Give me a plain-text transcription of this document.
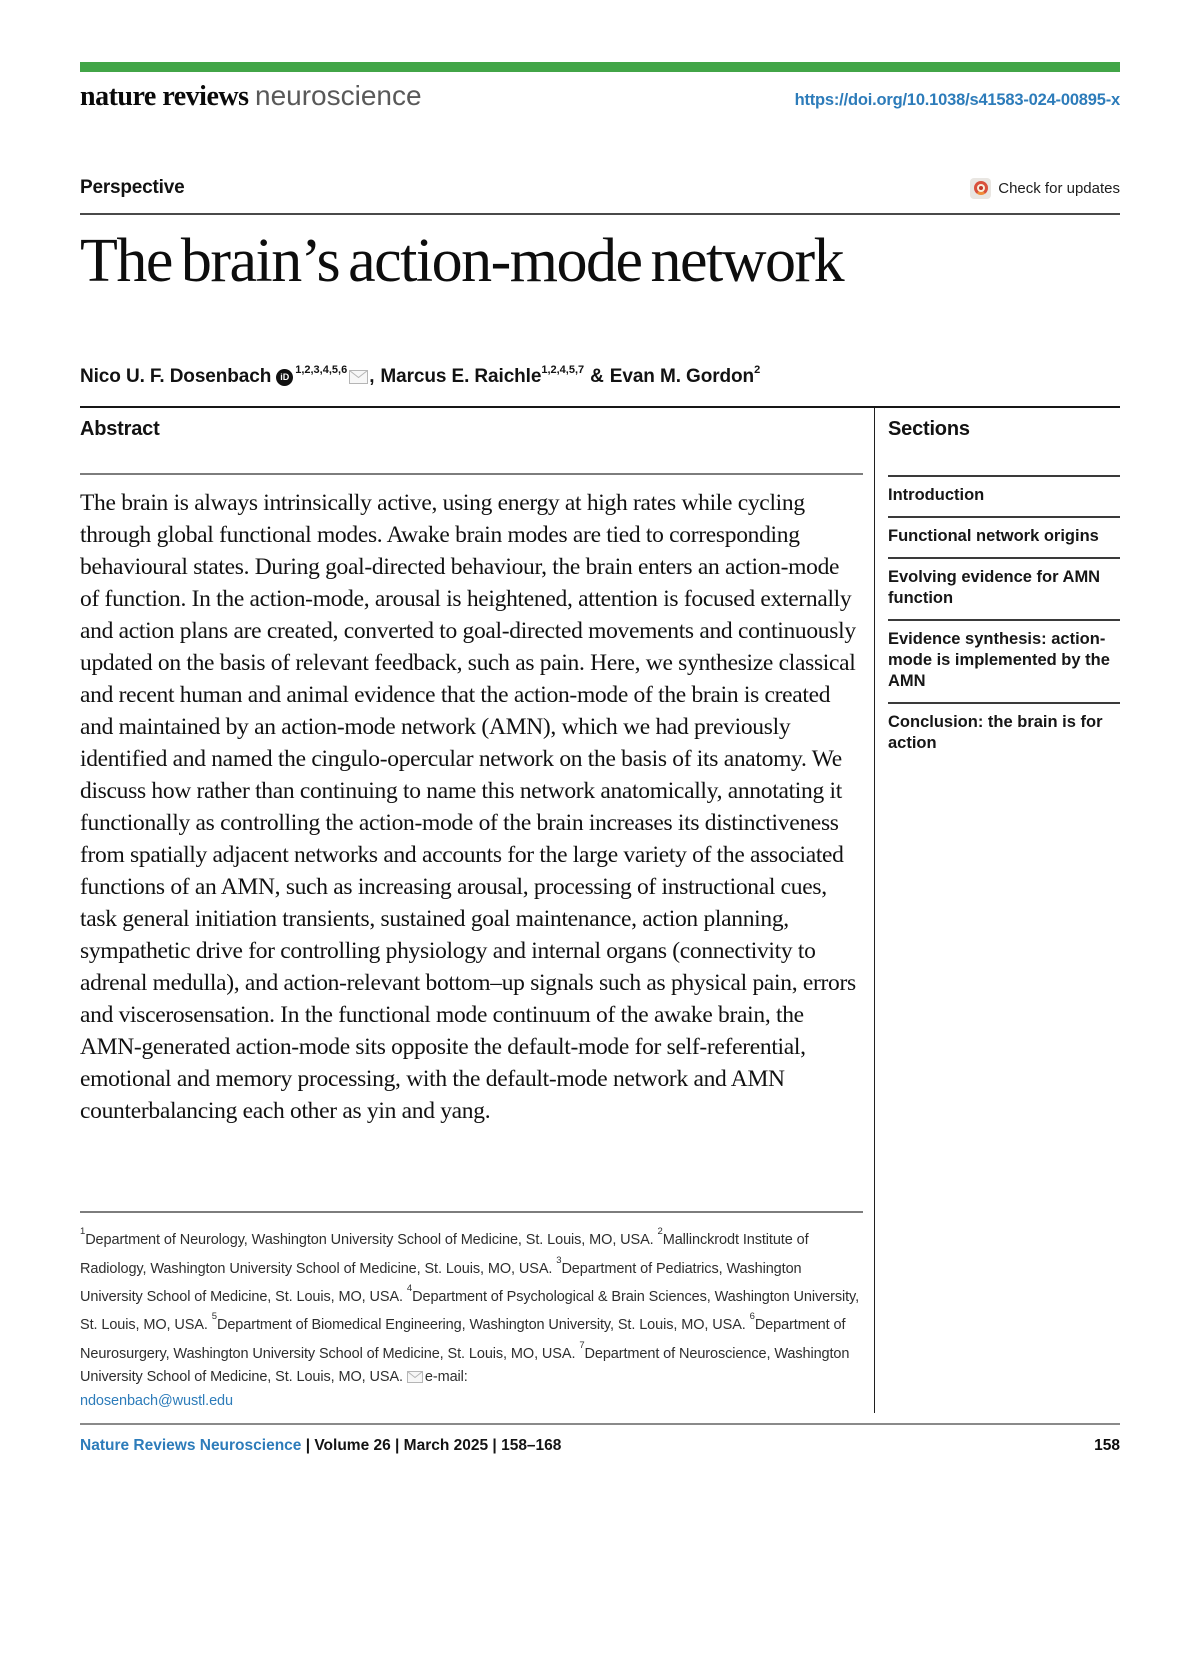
nature reviews neuroscience	https://doi.org/10.1038/s41583-024-00895-x
Perspective	Check for updates
The brain’s action-mode network
Nico U. F. Dosenbach	iD
$^{1,2,3,4,5,6}$ , Marcus E. Raichle$^{1,2,4,5,7}$ & Evan M. Gordon$^2$
Abstract

The brain is always intrinsically active, using energy at high rates while cycling through global functional modes. Awake brain modes are tied to corresponding behavioural states. During goal-directed behaviour, the brain enters an action-mode of function. In the action-mode, arousal is heightened, attention is focused externally and action plans are created, converted to goal-directed movements and continuously updated on the basis of relevant feedback, such as pain. Here, we synthesize classical and recent human and animal evidence that the action-mode of the brain is created and maintained by an action-mode network (AMN), which we had previously identified and named the cingulo-opercular network on the basis of its anatomy. We discuss how rather than continuing to name this network anatomically, annotating it functionally as controlling the action-mode of the brain increases its distinctiveness from spatially adjacent networks and accounts for the large variety of the associated functions of an AMN, such as increasing arousal, processing of instructional cues, task general initiation transients, sustained goal maintenance, action planning, sympathetic drive for controlling physiology and internal organs (connectivity to adrenal medulla), and action-relevant bottom–up signals such as physical pain, errors and viscerosensation. In the functional mode continuum of the awake brain, the AMN-generated action-mode sits opposite the default-mode for self-referential, emotional and memory processing, with the default-mode network and AMN counterbalancing each other as yin and yang.

$^1$Department of Neurology, Washington University School of Medicine, St. Louis, MO, USA. $^2$Mallinckrodt Institute of Radiology, Washington University School of Medicine, St. Louis, MO, USA. $^3$Department of Pediatrics, Washington University School of Medicine, St. Louis, MO, USA. $^4$Department of Psychological & Brain Sciences, Washington University, St. Louis, MO, USA. $^5$Department of Biomedical Engineering, Washington University, St. Louis, MO, USA. $^6$Department of Neurosurgery, Washington University School of Medicine, St. Louis, MO, USA. $^7$Department of Neuroscience, Washington University School of Medicine, St. Louis, MO, USA. e-mail:
ndosenbach@wustl.edu

Sections
Introduction
Functional network origins
Evolving evidence for AMN function
Evidence synthesis: action-mode is implemented by the AMN
Conclusion: the brain is for action
Nature Reviews Neuroscience | Volume 26 | March 2025 | 158–168	158
